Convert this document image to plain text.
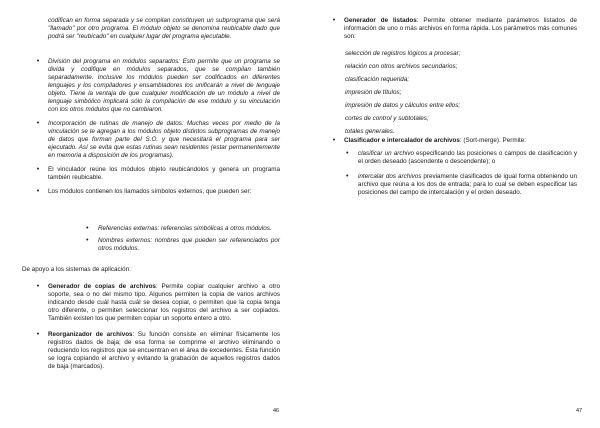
codifican en forma separada y se compilan constituyen un subprograma que será "llamado" por otro programa. El módulo objeto se denomina reubicable dado que podrá ser "reubicado" en cualquier lugar del programa ejecutable.
•	División del programa en módulos separados: Esto permite que un programa se divida y codifique en módulos separados, que se compilan también separadamente. Inclusive los módulos pueden ser codificados en diferentes lenguajes y los compiladores y ensambladores los unificarán a nivel de lenguaje objeto. Tiene la ventaja de que cualquier modificación de un módulo a nivel de lenguaje simbólico implicará sólo la compilación de ese módulo y su vinculación con los otros módulos que no cambiaron.
•	Incorporación de rutinas de manejo de datos: Muchas veces por medio de la vinculación se le agregan a los módulos objeto distintos subprogramas de manejo de datos que forman parte del S.O. y que necesitará el programa para ser ejecutado. Así se evita que estas rutinas sean residentes (estar permanentemente en memoria a disposición de los programas).
•	El vinculador reúne los módulos objeto reubicándolos y genera un programa también reubicable.
•	Los módulos contienen los llamados símbolos externos, que pueden ser:
• Referencias externas: referencias simbólicas a otros módulos.
• Nombres externos: nombres que pueden ser referenciados por otros módulos.
De apoyo a los sistemas de aplicación:
•	Generador de copias de archivos: Permite copiar cualquier archivo a otro soporte, sea o no del mismo tipo. Algunos permiten la copia de varios archivos indicando desde cuál hasta cuál se desea copiar, o permiten que la copia tenga otro diferente, o permiten seleccionar los registros del archivo a ser copiados. También existen los que permiten copiar un soporte entero a otro.
•	Reorganizador de archivos: Su función consiste en eliminar físicamente los registros dados de baja; de esa forma se comprime el archivo eliminando o reduciendo los registros que se encuentran en el área de excedentes. Esta función se logra copiando el archivo y evitando la grabación de aquellos registros dados de baja (marcados).
46
•	Generador de listados: Permite obtener mediante parámetros listados de información de uno o más archivos en forma rápida. Los parámetros más comunes son:
selección de registros lógicos a procesar;
relación con otros archivos secundarios;
clasificación requerida;
impresión de títulos;
impresión de datos y cálculos entre ellos;
cortes de control y subtotales;
totales generales.
•	Clasificador e intercalador de archivos: (Sort-merge). Permite:
• clasificar un archivo especificando las posiciones o campos de clasificación y el orden deseado (ascendente o descendente); o
• intercalar dos archivos previamente clasificados de igual forma obteniendo un archivo que reúna a los dos de entrada; para lo cual se deben especificar las posiciones del campo de intercalación y el orden deseado.
47
